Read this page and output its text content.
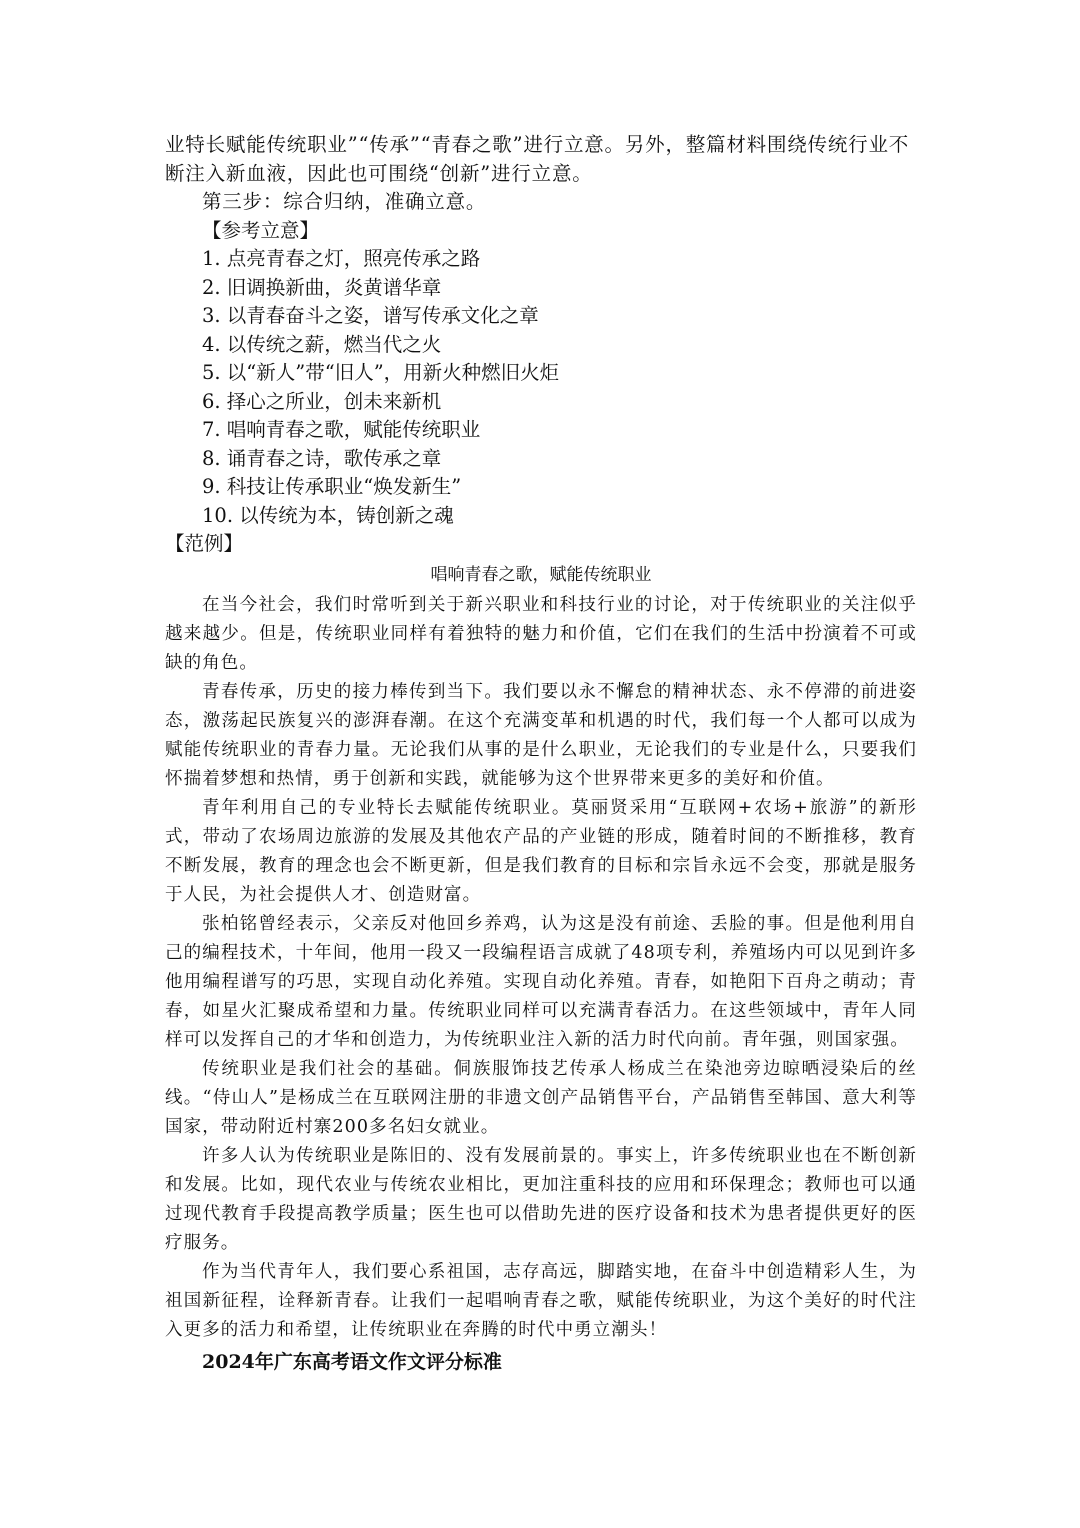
业特长赋能传统职业”“传承”“青春之歌”进行立意。另外，整篇材料围绕传统行业不断注入新血液，因此也可围绕“创新”进行立意。

第三步：综合归纳，准确立意。

【参考立意】

1. 点亮青春之灯，照亮传承之路
2. 旧调换新曲，炎黄谱华章
3. 以青春奋斗之姿，谱写传承文化之章
4. 以传统之薪，燃当代之火
5. 以“新人”带“旧人”，用新火种燃旧火炬
6. 择心之所业，创未来新机
7. 唱响青春之歌，赋能传统职业
8. 诵青春之诗，歌传承之章
9. 科技让传承职业“焕发新生”
10. 以传统为本，铸创新之魂

【范例】

唱响青春之歌，赋能传统职业

在当今社会，我们时常听到关于新兴职业和科技行业的讨论，对于传统职业的关注似乎越来越少。但是，传统职业同样有着独特的魅力和价值，它们在我们的生活中扮演着不可或缺的角色。

青春传承，历史的接力棒传到当下。我们要以永不懈怠的精神状态、永不停滞的前进姿态，激荡起民族复兴的澎湃春潮。在这个充满变革和机遇的时代，我们每一个人都可以成为赋能传统职业的青春力量。无论我们从事的是什么职业，无论我们的专业是什么，只要我们怀揣着梦想和热情，勇于创新和实践，就能够为这个世界带来更多的美好和价值。

青年利用自己的专业特长去赋能传统职业。莫丽贤采用“互联网+农场+旅游”的新形式，带动了农场周边旅游的发展及其他农产品的产业链的形成，随着时间的不断推移，教育不断发展，教育的理念也会不断更新，但是我们教育的目标和宗旨永远不会变，那就是服务于人民，为社会提供人才、创造财富。

张柏铭曾经表示，父亲反对他回乡养鸡，认为这是没有前途、丢脸的事。但是他利用自己的编程技术，十年间，他用一段又一段编程语言成就了48项专利，养殖场内可以见到许多他用编程谱写的巧思，实现自动化养殖。实现自动化养殖。青春，如艳阳下百舟之萌动；青春，如星火汇聚成希望和力量。传统职业同样可以充满青春活力。在这些领域中，青年人同样可以发挥自己的才华和创造力，为传统职业注入新的活力时代向前。青年强，则国家强。

传统职业是我们社会的基础。侗族服饰技艺传承人杨成兰在染池旁边晾晒浸染后的丝线。“侍山人”是杨成兰在互联网注册的非遗文创产品销售平台，产品销售至韩国、意大利等国家，带动附近村寨200多名妇女就业。

许多人认为传统职业是陈旧的、没有发展前景的。事实上，许多传统职业也在不断创新和发展。比如，现代农业与传统农业相比，更加注重科技的应用和环保理念；教师也可以通过现代教育手段提高教学质量；医生也可以借助先进的医疗设备和技术为患者提供更好的医疗服务。

作为当代青年人，我们要心系祖国，志存高远，脚踏实地，在奋斗中创造精彩人生，为祖国新征程，诠释新青春。让我们一起唱响青春之歌，赋能传统职业，为这个美好的时代注入更多的活力和希望，让传统职业在奔腾的时代中勇立潮头！

2024年广东高考语文作文评分标准
